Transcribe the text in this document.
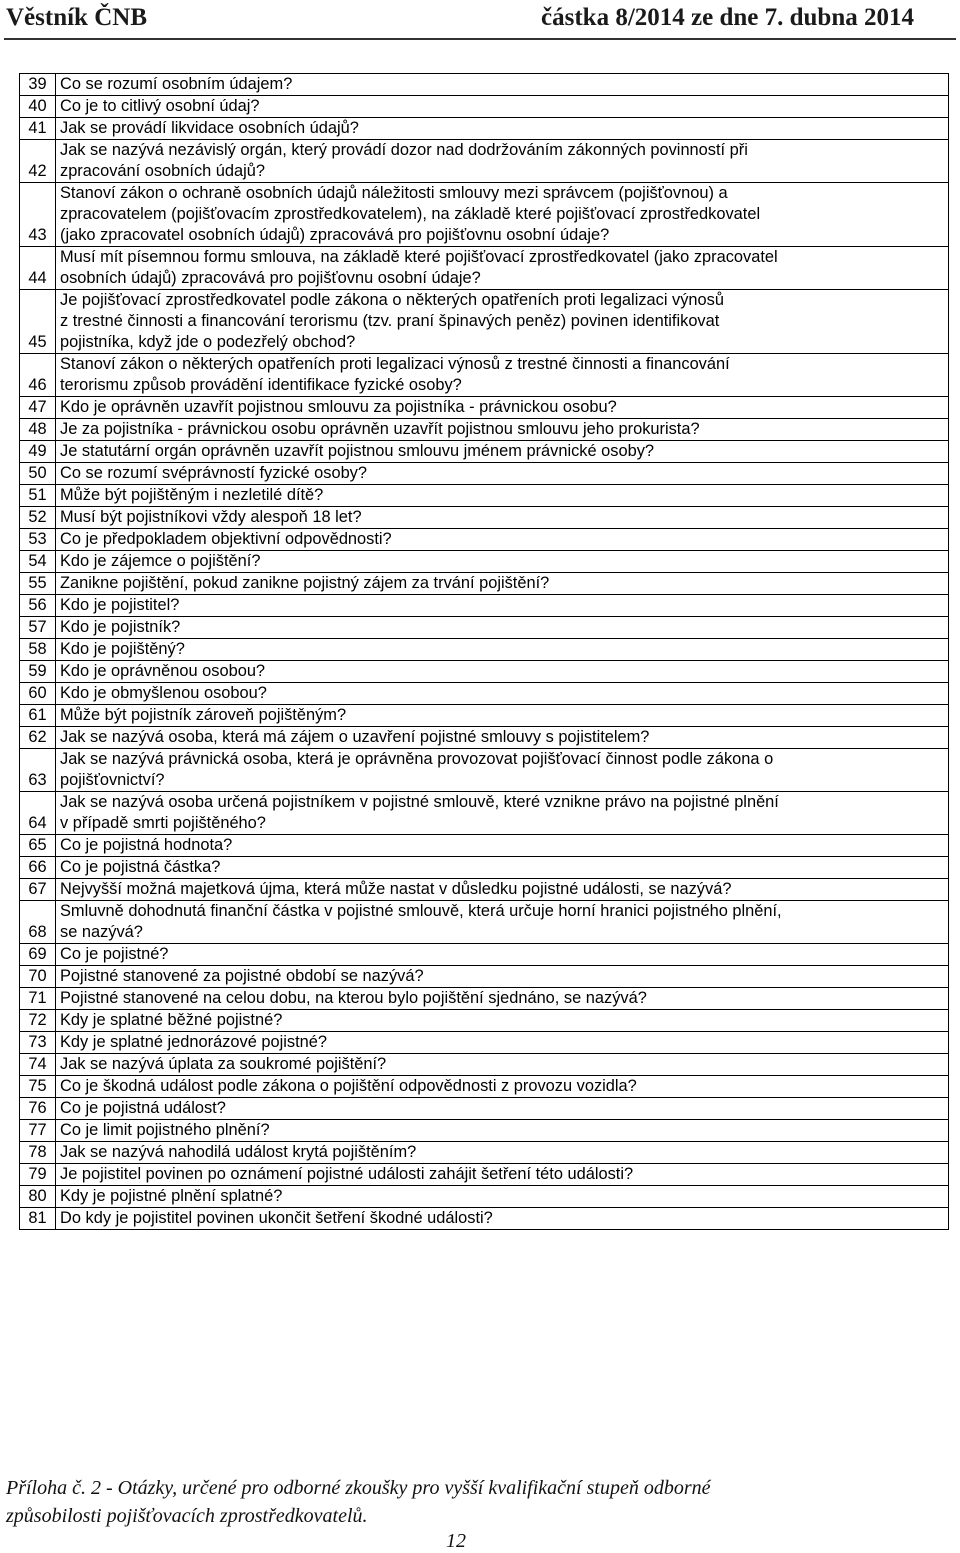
Věstník ČNB	částka 8/2014 ze dne 7. dubna 2014
39	Co se rozumí osobním údajem?
40	Co je to citlivý osobní údaj?
41	Jak se provádí likvidace osobních údajů?
42	Jak se nazývá nezávislý orgán, který provádí dozor nad dodržováním zákonných povinností při
zpracování osobních údajů?
43	Stanoví zákon o ochraně osobních údajů náležitosti smlouvy mezi správcem (pojišťovnou) a
zpracovatelem (pojišťovacím zprostředkovatelem), na základě které pojišťovací zprostředkovatel
(jako zpracovatel osobních údajů) zpracovává pro pojišťovnu osobní údaje?
44	Musí mít písemnou formu smlouva, na základě které pojišťovací zprostředkovatel (jako zpracovatel
osobních údajů) zpracovává pro pojišťovnu osobní údaje?
45	Je pojišťovací zprostředkovatel podle zákona o některých opatřeních proti legalizaci výnosů
z trestné činnosti a financování terorismu (tzv. praní špinavých peněz) povinen identifikovat
pojistníka, když jde o podezřelý obchod?
46	Stanoví zákon o některých opatřeních proti legalizaci výnosů z trestné činnosti a financování
terorismu způsob provádění identifikace fyzické osoby?
47	Kdo je oprávněn uzavřít pojistnou smlouvu za pojistníka - právnickou osobu?
48	Je za pojistníka - právnickou osobu oprávněn uzavřít pojistnou smlouvu jeho prokurista?
49	Je statutární orgán oprávněn uzavřít pojistnou smlouvu jménem právnické osoby?
50	Co se rozumí svéprávností fyzické osoby?
51	Může být pojištěným i nezletilé dítě?
52	Musí být pojistníkovi vždy alespoň 18 let?
53	Co je předpokladem objektivní odpovědnosti?
54	Kdo je zájemce o pojištění?
55	Zanikne pojištění, pokud zanikne pojistný zájem za trvání pojištění?
56	Kdo je pojistitel?
57	Kdo je pojistník?
58	Kdo je pojištěný?
59	Kdo je oprávněnou osobou?
60	Kdo je obmyšlenou osobou?
61	Může být pojistník zároveň pojištěným?
62	Jak se nazývá osoba, která má zájem o uzavření pojistné smlouvy s pojistitelem?
63	Jak se nazývá právnická osoba, která je oprávněna provozovat pojišťovací činnost podle zákona o
pojišťovnictví?
64	Jak se nazývá osoba určená pojistníkem v pojistné smlouvě, které vznikne právo na pojistné plnění
v případě smrti pojištěného?
65	Co je pojistná hodnota?
66	Co je pojistná částka?
67	Nejvyšší možná majetková újma, která může nastat v důsledku pojistné události, se nazývá?
68	Smluvně dohodnutá finanční částka v pojistné smlouvě, která určuje horní hranici pojistného plnění,
se nazývá?
69	Co je pojistné?
70	Pojistné stanovené za pojistné období se nazývá?
71	Pojistné stanovené na celou dobu, na kterou bylo pojištění sjednáno, se nazývá?
72	Kdy je splatné běžné pojistné?
73	Kdy je splatné jednorázové pojistné?
74	Jak se nazývá úplata za soukromé pojištění?
75	Co je škodná událost podle zákona o pojištění odpovědnosti z provozu vozidla?
76	Co je pojistná událost?
77	Co je limit pojistného plnění?
78	Jak se nazývá nahodilá událost krytá pojištěním?
79	Je pojistitel povinen po oznámení pojistné události zahájit šetření této události?
80	Kdy je pojistné plnění splatné?
81	Do kdy je pojistitel povinen ukončit šetření škodné události?
Příloha č. 2 - Otázky, určené pro odborné zkoušky pro vyšší kvalifikační stupeň odborné
způsobilosti pojišťovacích zprostředkovatelů.
12
